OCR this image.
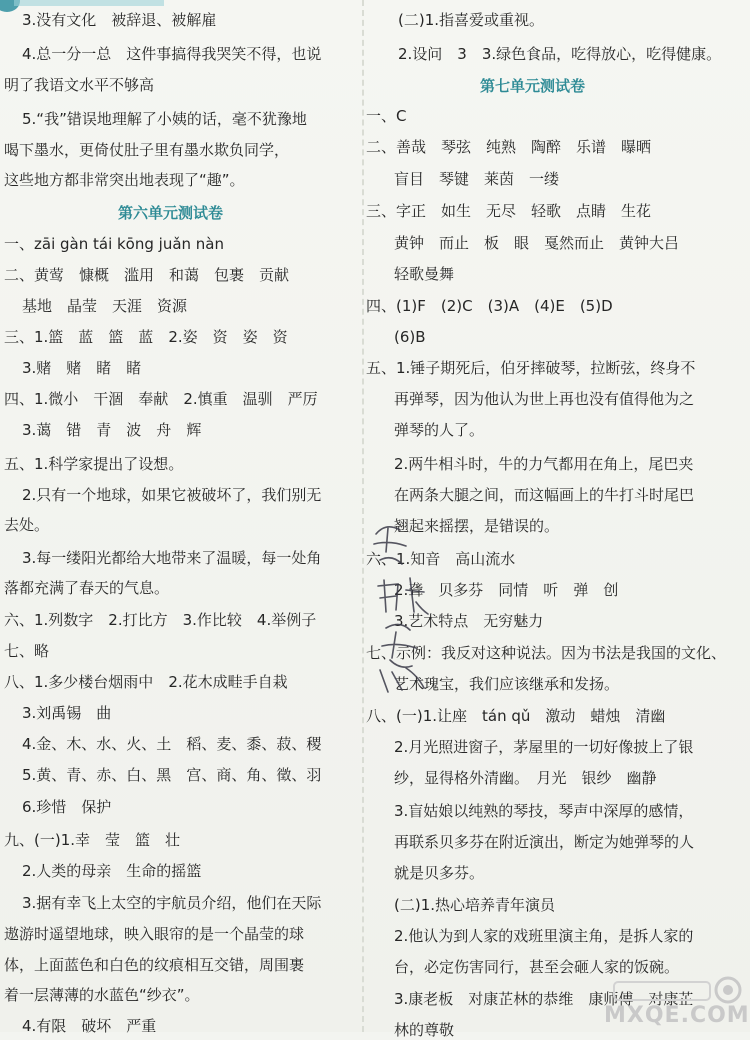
第六单元测试卷
3.没有文化　被辞退、被解雇
4.总一分一总　这件事搞得我哭笑不得，也说
明了我语文水平不够高
5.“我”错误地理解了小姨的话，毫不犹豫地
喝下墨水，更倚仗肚子里有墨水欺负同学，
这些地方都非常突出地表现了“趣”。
一、zāi gàn tái kōng juǎn nàn
二、黄莺　慷概　滥用　和蔼　包裹　贡献
基地　晶莹　天涯　资源
三、1.篮　蓝　篮　蓝　2.姿　资　姿　资
3.赌　赌　睹　睹
四、1.微小　干涸　奉献　2.慎重　温驯　严厉
3.蔼　错　青　波　舟　辉
五、1.科学家提出了设想。
2.只有一个地球，如果它被破坏了，我们别无
去处。
3.每一缕阳光都给大地带来了温暖，每一处角
落都充满了春天的气息。
六、1.列数字　2.打比方　3.作比较　4.举例子
七、略
八、1.多少楼台烟雨中　2.花木成畦手自栽
3.刘禹锡　曲
4.金、木、水、火、土　稻、麦、黍、菽、稷
5.黄、青、赤、白、黑　宫、商、角、徵、羽
6.珍惜　保护
九、(一)1.幸　莹　篮　壮
2.人类的母亲　生命的摇篮
3.据有幸飞上太空的宇航员介绍，他们在天际
遨游时遥望地球，映入眼帘的是一个晶莹的球
体，上面蓝色和白色的纹痕相互交错，周围裹
着一层薄薄的水蓝色“纱衣”。
4.有限　破坏　严重
第七单元测试卷
(二)1.指喜爱或重视。
2.设问　3　3.绿色食品，吃得放心，吃得健康。
一、C
二、善哉　琴弦　纯熟　陶醉　乐谱　曝晒
盲目　琴键　莱茵　一缕
三、字正　如生　无尽　轻歌　点睛　生花
黄钟　而止　板　眼　戛然而止　黄钟大吕
轻歌曼舞
四、(1)F　(2)C　(3)A　(4)E　(5)D
(6)B
五、1.锤子期死后，伯牙摔破琴，拉断弦，终身不
再弹琴，因为他认为世上再也没有值得他为之
弹琴的人了。
2.两牛相斗时，牛的力气都用在角上，尾巴夹
在两条大腿之间，而这幅画上的牛打斗时尾巴
翘起来摇摆，是错误的。
六、1.知音　高山流水
2.聋　贝多芬　同情　听　弹　创
3.艺术特点　无穷魅力
七、示例：我反对这种说法。因为书法是我国的文化、
艺术瑰宝，我们应该继承和发扬。
八、(一)1.让座　tán qǔ　激动　蜡烛　清幽
2.月光照进窗子，茅屋里的一切好像披上了银
纱，显得格外清幽。　月光　银纱　幽静
3.盲姑娘以纯熟的琴技，琴声中深厚的感情，
再联系贝多芬在附近演出，断定为她弹琴的人
就是贝多芬。
(二)1.热心培养青年演员
2.他认为到人家的戏班里演主角，是拆人家的
台，必定伤害同行，甚至会砸人家的饭碗。
3.康老板　对康芷林的恭维　康师傅　对康芷
林的尊敬
MXQE.COM
